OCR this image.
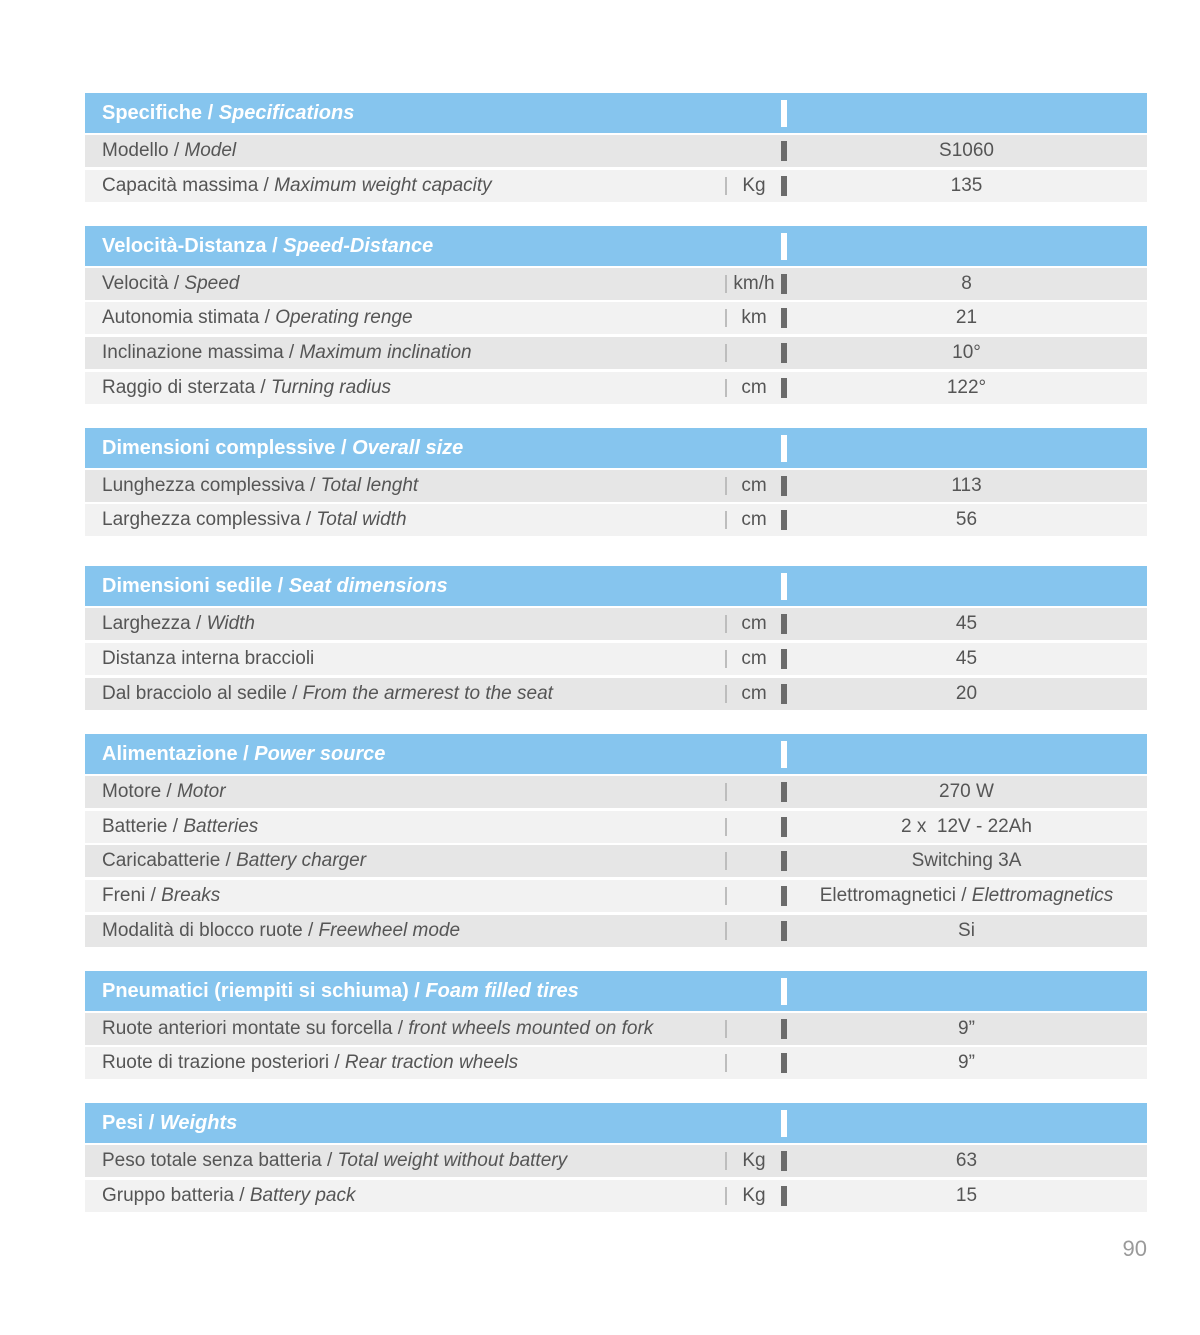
Specifiche / Specifications
Modello / Model	S1060
Capacità massima / Maximum weight capacity	Kg	135
Velocità-Distanza / Speed-Distance
Velocità / Speed	km/h	8
Autonomia stimata / Operating renge	km	21
Inclinazione massima / Maximum inclination	10°
Raggio di sterzata / Turning radius	cm	122°
Dimensioni complessive / Overall size
Lunghezza complessiva / Total lenght	cm	113
Larghezza complessiva / Total width	cm	56
Dimensioni sedile / Seat dimensions
Larghezza / Width	cm	45
Distanza interna braccioli	cm	45
Dal bracciolo al sedile / From the armerest to the seat	cm	20
Alimentazione / Power source
Motore / Motor	270 W
Batterie / Batteries	2 x  12V - 22Ah
Caricabatterie / Battery charger	Switching 3A
Freni / Breaks	Elettromagnetici / Elettromagnetics
Modalità di blocco ruote / Freewheel mode	Si
Pneumatici (riempiti si schiuma) / Foam filled tires
Ruote anteriori montate su forcella / front wheels mounted on fork	9”
Ruote di trazione posteriori / Rear traction wheels	9”
Pesi / Weights
Peso totale senza batteria / Total weight without battery	Kg	63
Gruppo batteria / Battery pack	Kg	15
90
